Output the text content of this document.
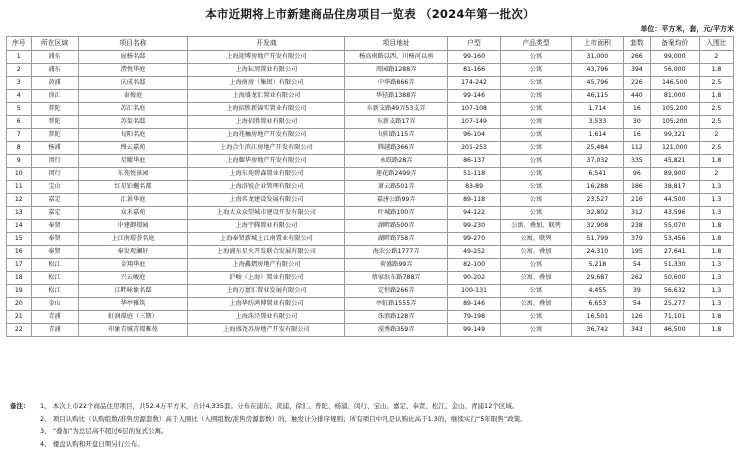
本市近期将上市新建商品住房项目一览表 （2024年第一批次）
单位：平方米，套，元/平方米
序号	所在区域	项目名称	开发商	项目地址	户型	产品类型	上市面积	套数	备案均价	入围比
1	浦东	宸杨名邸	上海迎博房地产开发有限公司	杨高南路以西，川杨河以南	99-160	公寓	31,000	266	99,000	2
2	浦东	澧悦华庭	上海耘周置业有限公司	周园路1288弄	81-166	公寓	43,796	394	56,000	1.8
3	黄浦	庆成名邸	上海南房（集团）有限公司	中华路866弄	174-242	公寓	45,796	226	146,500	2.5
4	徐汇	泰俊庭	上海盛龙汇置业有限公司	华径路1388弄	99-146	公寓	46,115	440	81,000	1.8
5	普陀	苏汇名庭	上海招胜新锦实置业有限公司	东新支路49弄53支弄	107-108	公寓	1,714	16	105,200	2.5
6	普陀	苏玺名邸	上海招胜置业有限公司	东新支路17弄	107-149	公寓	3,533	30	105,200	2.5
7	普陀	旬阳名庭	上海兆骊房地产开发有限公司	旬阳路115弄	96-104	公寓	1,614	16	99,321	2
8	杨浦	缦云嘉苑	上海合生滨江房地产开发有限公司	腾越路366弄	201-253	公寓	25,484	112	121,000	2.5
9	闵行	星曜华庭	上海耀华房地产开发有限公司	永跃路28弄	86-137	公寓	37,032	335	45,821	1.8
10	闵行	东苑悦景园	上海东苑碧森置业有限公司	莲花路2499弄	51-118	公寓	6,541	96	89,900	2
11	宝山	红星铂樾名都	上海浴锐企业管理有限公司	萧云路501弄	83-89	公寓	16,288	186	38,817	1.3
12	嘉定	汇景华庭	上海名龙建设发展有限公司	嘉唐公路99弄	89-118	公寓	23,527	216	44,500	1.3
13	嘉定	众禾嘉苑	上海大众众望城市建设开发有限公司	叶城路100弄	94-122	公寓	32,802	312	43,596	1.3
14	奉贤	中建御璟园	上海宇腾置业有限公司	湖畔路500弄	99-230	公寓、叠加、联列	32,908	238	55,070	1.8
15	奉贤	上江南璟荟名庭	上海奉贤新城上江南置业有限公司	湖畔路758弄	99-270	公寓、联列	51,799	379	53,456	1.8
16	奉贤	奉发观澜轩	上海浦东星火开发联合发展有限公司	海农公路1777弄	49-252	公寓、叠加	24,310	195	27,641	1.8
17	松江	金翔华庭	上海鑫熠房地产有限公司	荷盛路99弄	82-100	公寓	5,218	54	51,330	1.3
18	松江	兴云峻庭	沪峻（上海）置业有限公司	蔡家浜东路788弄	90-202	公寓、叠加	29,687	262	50,600	1.3
19	松江	江畔咏象名邸	上海万富汇置业发展有限公司	定恒路266弄	100-131	公寓	4,455	39	56,632	1.3
20	金山	华亭雅筑	上海华纺鸿博置业有限公司	亭虹路1555弄	89-146	公寓、叠加	6,653	54	25,277	1.3
21	青浦	虹润璟庭（三期）	上海洙泾置业有限公司	洙浪路128弄	79-198	公寓	16,501	126	71,101	1.8
22	青浦	印象青城青璟雅苑	上海盛尧苏房地产开发有限公司	漠秀路359弄	99-149	公寓	36,742	343	46,500	1.8
备注： 1、 本次上市22个商品住房项目，共52.4万平方米，合计4,335套。分布在浦东、黄浦、徐汇、普陀、杨浦、闵行、宝山、嘉定、奉贤、松江、金山、青浦12个区域。
2、 项目认购比（认购组数/准售房源套数）高于入围比（入围组数/准售房源套数）的，触发计分排序规则；所有项目中凡是认购比高于1.3的，继续实行“5年限售”政策。
3、 “叠加”为总层高不超过6层的复式公寓。
4、 楼盘认购和开盘日期另行公布。
